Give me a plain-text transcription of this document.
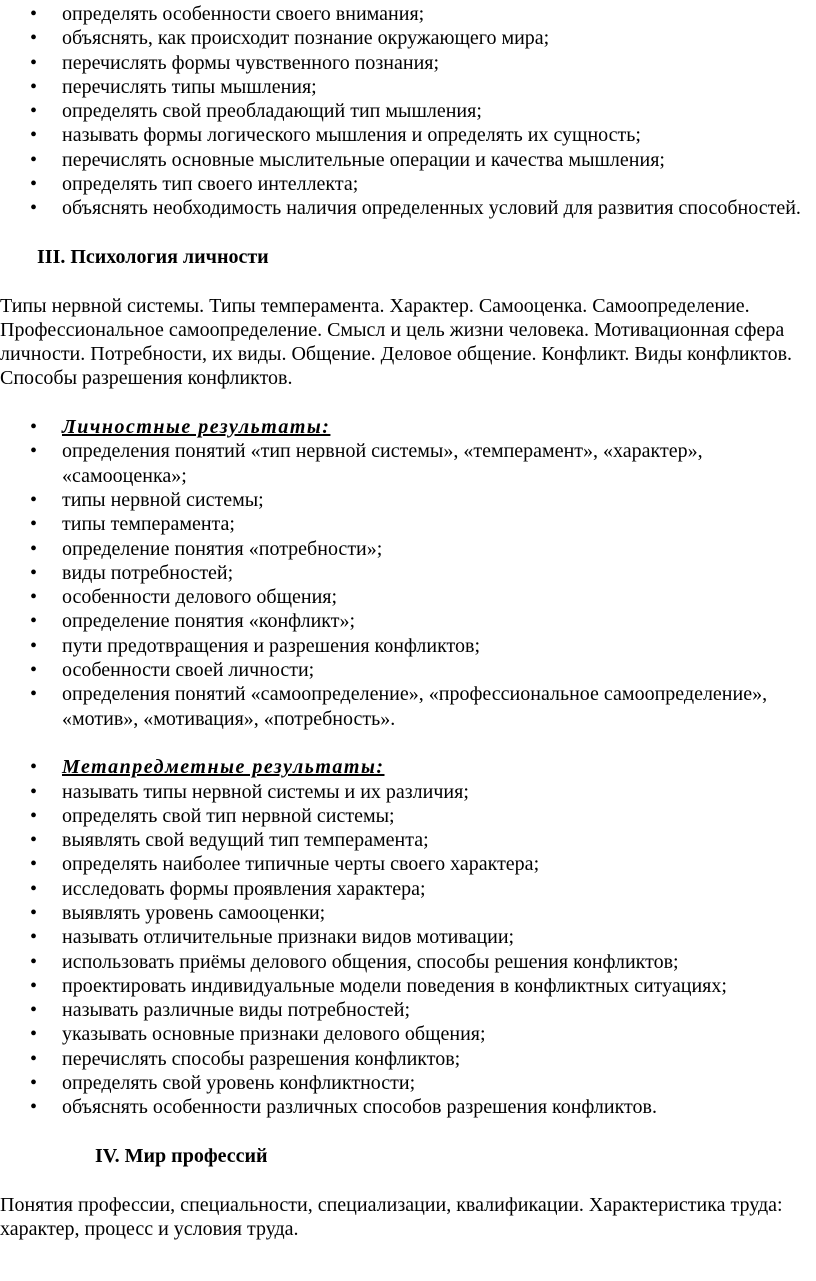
• определять особенности своего внимания;
• объяснять, как происходит познание окружающего мира;
• перечислять формы чувственного познания;
• перечислять типы мышления;
• определять свой преобладающий тип мышления;
• называть формы логического мышления и определять их сущность;
• перечислять основные мыслительные операции и качества мышления;
• определять тип своего интеллекта;
• объяснять необходимость наличия определенных условий для развития способностей.
III. Психология личности

Типы нервной системы. Типы темперамента. Характер. Самооценка. Самоопределение. Профессиональное самоопределение. Смысл и цель жизни человека. Мотивационная сфера личности. Потребности, их виды. Общение. Деловое общение. Конфликт. Виды конфликтов. Способы разрешения конфликтов.

• Личностные результаты:
• определения понятий «тип нервной системы», «темперамент», «характер», «самооценка»;
• типы нервной системы;
• типы темперамента;
• определение понятия «потребности»;
• виды потребностей;
• особенности делового общения;
• определение понятия «конфликт»;
• пути предотвращения и разрешения конфликтов;
• особенности своей личности;
• определения понятий «самоопределение», «профессиональное самоопределение», «мотив», «мотивация», «потребность».
• Метапредметные результаты:
• называть типы нервной системы и их различия;
• определять свой тип нервной системы;
• выявлять свой ведущий тип темперамента;
• определять наиболее типичные черты своего характера;
• исследовать формы проявления характера;
• выявлять уровень самооценки;
• называть отличительные признаки видов мотивации;
• использовать приёмы делового общения, способы решения конфликтов;
• проектировать индивидуальные модели поведения в конфликтных ситуациях;
• называть различные виды потребностей;
• указывать основные признаки делового общения;
• перечислять способы разрешения конфликтов;
• определять свой уровень конфликтности;
• объяснять особенности различных способов разрешения конфликтов.
IV. Мир профессий

Понятия профессии, специальности, специализации, квалификации. Характеристика труда: характер, процесс и условия труда.
